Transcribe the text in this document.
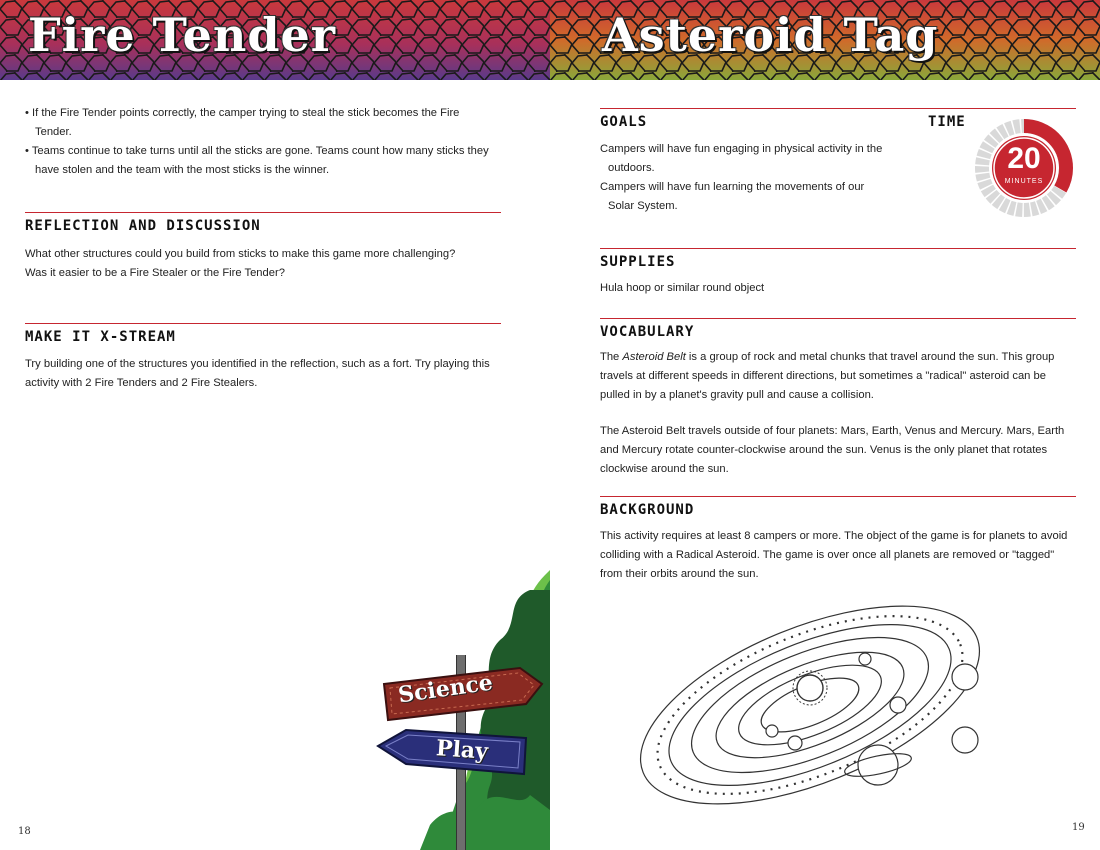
Fire Tender

• If the Fire Tender points correctly, the camper trying to steal the stick becomes the Fire Tender.

• Teams continue to take turns until all the sticks are gone. Teams count how many sticks they have stolen and the team with the most sticks is the winner.

REFLECTION AND DISCUSSION

What other structures could you build from sticks to make this game more challenging?

Was it easier to be a Fire Stealer or the Fire Tender?

MAKE IT X-STREAM
Try building one of the structures you identified in the reflection, such as a fort. Try playing this activity with 2 Fire Tenders and 2 Fire Stealers.
Science
Play
18
Asteroid Tag
GOALS	TIME

Campers will have fun engaging in physical activity in the outdoors.

Campers will have fun learning the movements of our Solar System.

20
MINUTES
SUPPLIES
Hula hoop or similar round object
VOCABULARY

The Asteroid Belt is a group of rock and metal chunks that travel around the sun. This group travels at different speeds in different directions, but sometimes a "radical" asteroid can be pulled in by a planet's gravity pull and cause a collision.

The Asteroid Belt travels outside of four planets: Mars, Earth, Venus and Mercury. Mars, Earth and Mercury rotate counter-clockwise around the sun. Venus is the only planet that rotates clockwise around the sun.

BACKGROUND
This activity requires at least 8 campers or more. The object of the game is for planets to avoid colliding with a Radical Asteroid. The game is over once all planets are removed or "tagged" from their orbits around the sun.
19
